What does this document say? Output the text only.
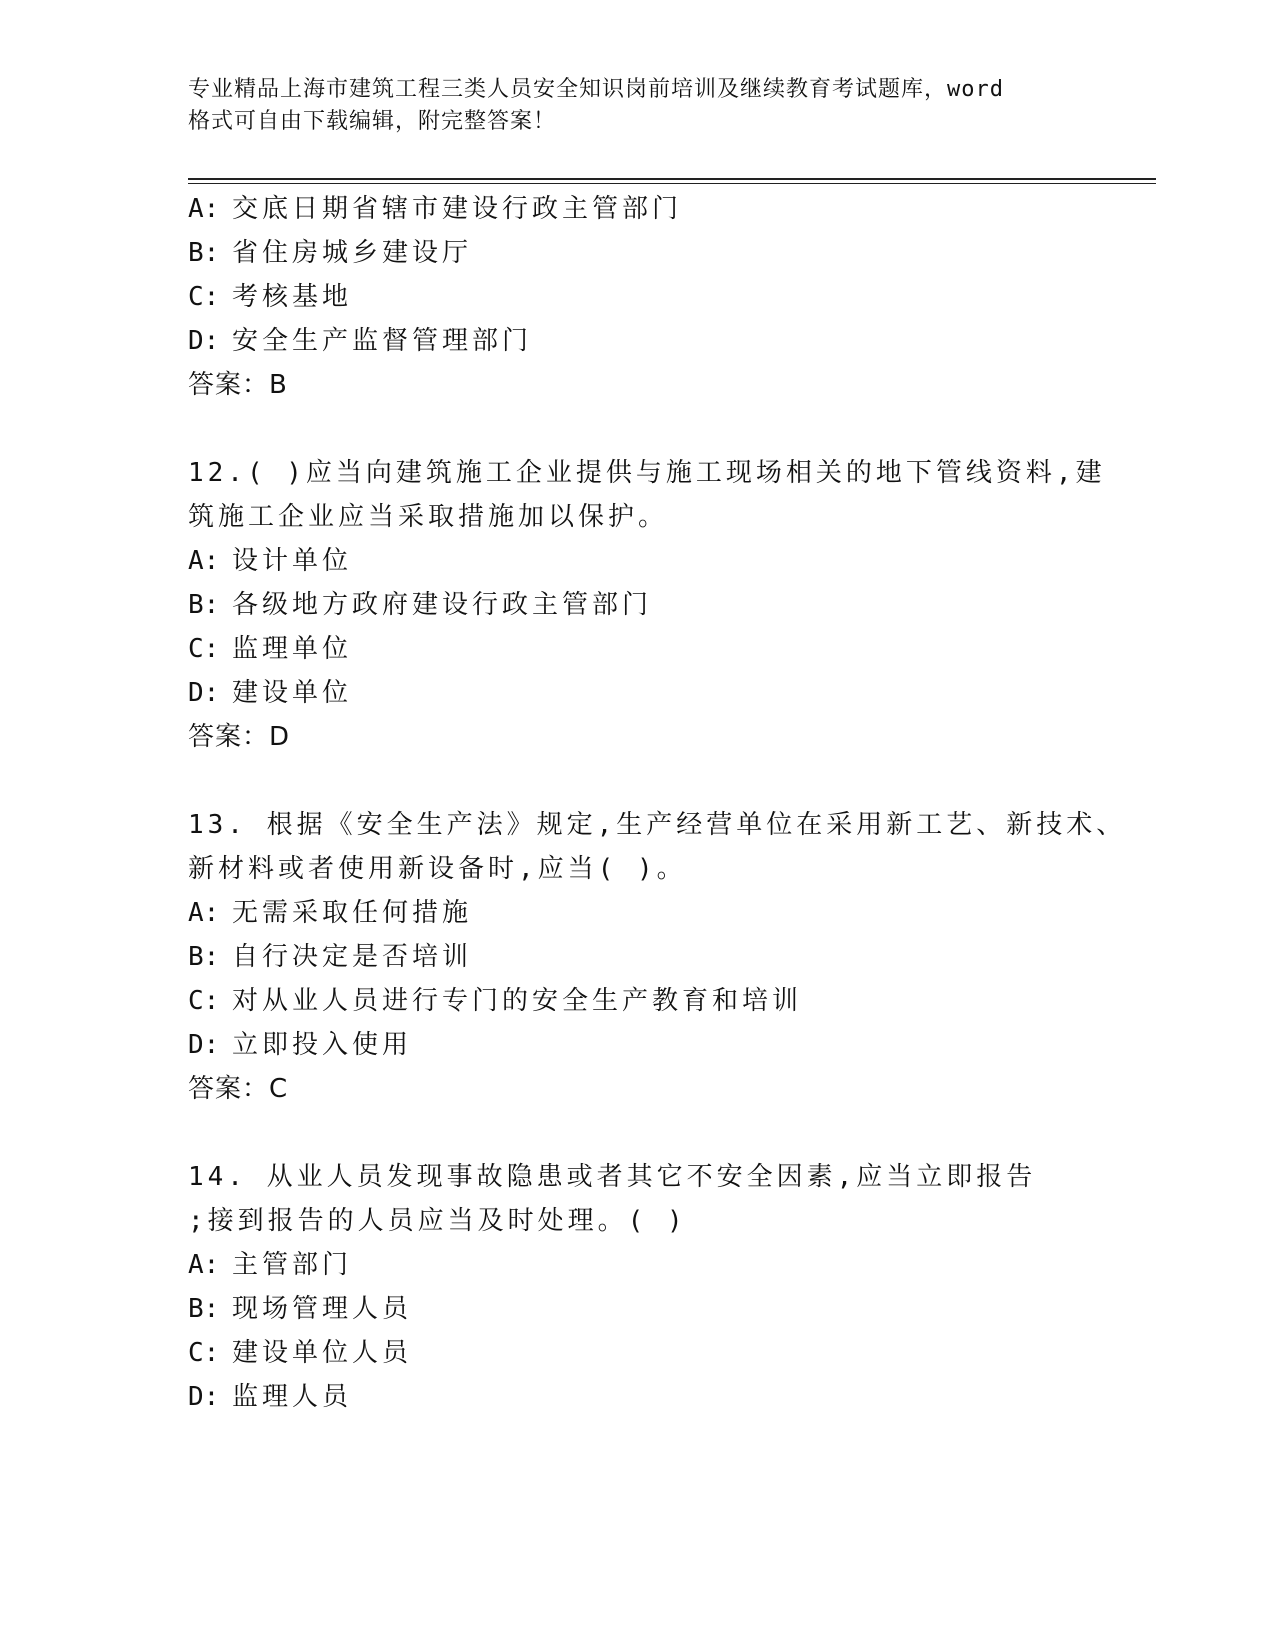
专业精品上海市建筑工程三类人员安全知识岗前培训及继续教育考试题库，word
格式可自由下载编辑，附完整答案！
A: 交底日期省辖市建设行政主管部门
B: 省住房城乡建设厅
C: 考核基地
D: 安全生产监督管理部门
答案：B
12.( )应当向建筑施工企业提供与施工现场相关的地下管线资料,建
筑施工企业应当采取措施加以保护。
A: 设计单位
B: 各级地方政府建设行政主管部门
C: 监理单位
D: 建设单位
答案：D
13. 根据《安全生产法》规定,生产经营单位在采用新工艺、新技术、
新材料或者使用新设备时,应当( )。
A: 无需采取任何措施
B: 自行决定是否培训
C: 对从业人员进行专门的安全生产教育和培训
D: 立即投入使用
答案：C
14. 从业人员发现事故隐患或者其它不安全因素,应当立即报告
;接到报告的人员应当及时处理。( )
A: 主管部门
B: 现场管理人员
C: 建设单位人员
D: 监理人员
